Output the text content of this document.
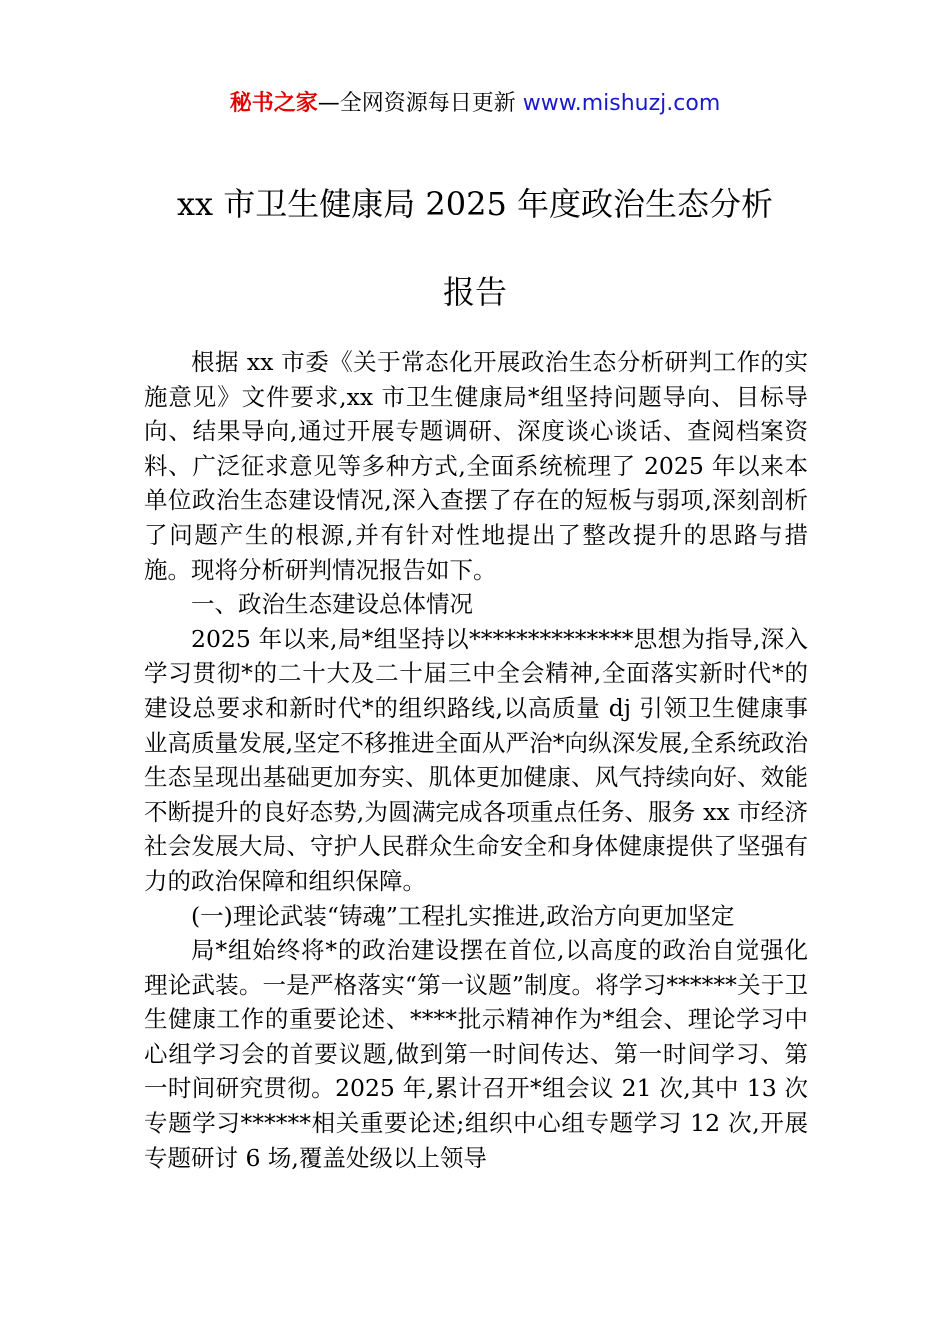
秘书之家—全网资源每日更新 www.mishuzj.com
xx 市卫生健康局 2025 年度政治生态分析
报告

根据 xx 市委《关于常态化开展政治生态分析研判工作的实施意见》文件要求,xx 市卫生健康局*组坚持问题导向、目标导向、结果导向,通过开展专题调研、深度谈心谈话、查阅档案资料、广泛征求意见等多种方式,全面系统梳理了 2025 年以来本单位政治生态建设情况,深入查摆了存在的短板与弱项,深刻剖析了问题产生的根源,并有针对性地提出了整改提升的思路与措施。现将分析研判情况报告如下。

一、政治生态建设总体情况

2025 年以来,局*组坚持以**************思想为指导,深入学习贯彻*的二十大及二十届三中全会精神,全面落实新时代*的建设总要求和新时代*的组织路线,以高质量 dj 引领卫生健康事业高质量发展,坚定不移推进全面从严治*向纵深发展,全系统政治生态呈现出基础更加夯实、肌体更加健康、风气持续向好、效能不断提升的良好态势,为圆满完成各项重点任务、服务 xx 市经济社会发展大局、守护人民群众生命安全和身体健康提供了坚强有力的政治保障和组织保障。

(一)理论武装“铸魂”工程扎实推进,政治方向更加坚定

局*组始终将*的政治建设摆在首位,以高度的政治自觉强化理论武装。一是严格落实“第一议题”制度。将学习******关于卫生健康工作的重要论述、****批示精神作为*组会、理论学习中心组学习会的首要议题,做到第一时间传达、第一时间学习、第一时间研究贯彻。2025 年,累计召开*组会议 21 次,其中 13 次专题学习******相关重要论述;组织中心组专题学习 12 次,开展专题研讨 6 场,覆盖处级以上领导
